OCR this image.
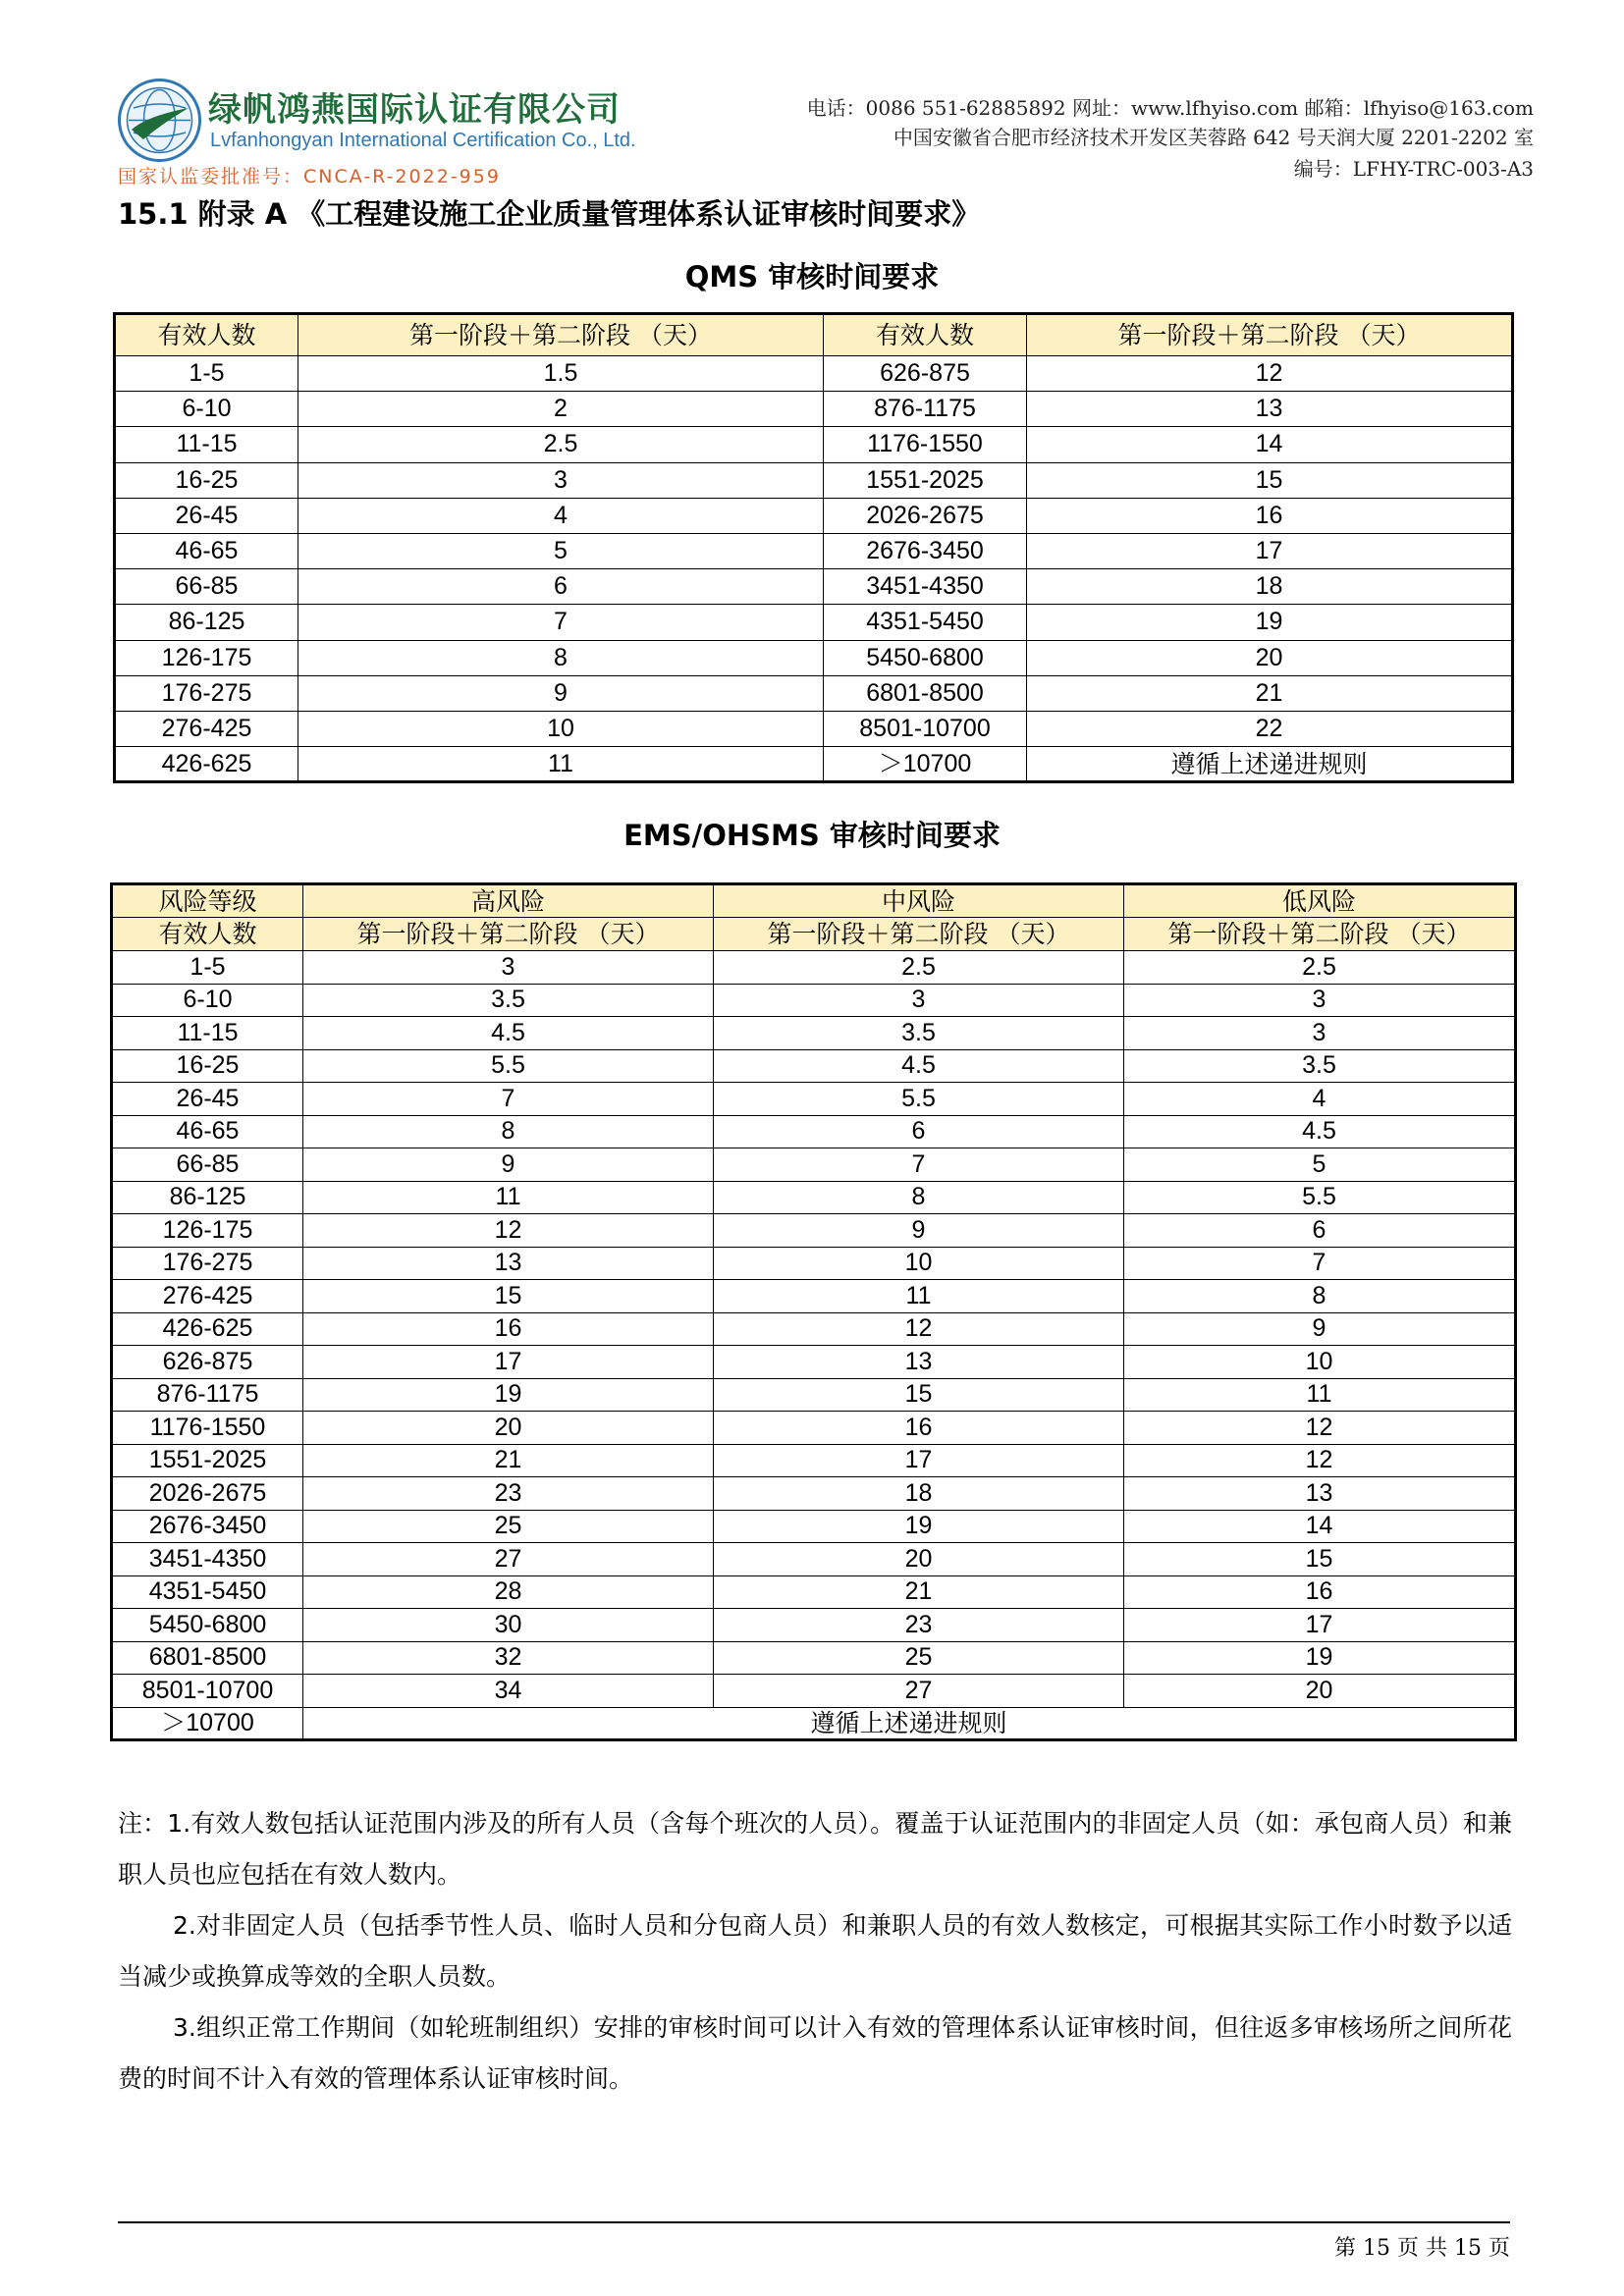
绿帆鸿燕国际认证有限公司
Lvfanhongyan International Certification Co., Ltd.
国家认监委批准号：CNCA-R-2022-959
电话：0086 551-62885892 网址：www.lfhyiso.com 邮箱：lfhyiso@163.com
中国安徽省合肥市经济技术开发区芙蓉路 642 号天润大厦 2201-2202 室
编号：LFHY-TRC-003-A3
15.1 附录 A 《工程建设施工企业质量管理体系认证审核时间要求》
QMS 审核时间要求
有效人数	第一阶段＋第二阶段 （天）	有效人数	第一阶段＋第二阶段 （天）
1-5	1.5	626-875	12
6-10	2	876-1175	13
11-15	2.5	1176-1550	14
16-25	3	1551-2025	15
26-45	4	2026-2675	16
46-65	5	2676-3450	17
66-85	6	3451-4350	18
86-125	7	4351-5450	19
126-175	8	5450-6800	20
176-275	9	6801-8500	21
276-425	10	8501-10700	22
426-625	11	＞10700	遵循上述递进规则
EMS/OHSMS 审核时间要求
风险等级	高风险	中风险	低风险
有效人数	第一阶段＋第二阶段 （天）	第一阶段＋第二阶段 （天）	第一阶段＋第二阶段 （天）
1-5	3	2.5	2.5
6-10	3.5	3	3
11-15	4.5	3.5	3
16-25	5.5	4.5	3.5
26-45	7	5.5	4
46-65	8	6	4.5
66-85	9	7	5
86-125	11	8	5.5
126-175	12	9	6
176-275	13	10	7
276-425	15	11	8
426-625	16	12	9
626-875	17	13	10
876-1175	19	15	11
1176-1550	20	16	12
1551-2025	21	17	12
2026-2675	23	18	13
2676-3450	25	19	14
3451-4350	27	20	15
4351-5450	28	21	16
5450-6800	30	23	17
6801-8500	32	25	19
8501-10700	34	27	20
＞10700	遵循上述递进规则		
注：1.有效人数包括认证范围内涉及的所有人员（含每个班次的人员）。覆盖于认证范围内的非固定人员（如：承包商人员）和兼职人员也应包括在有效人数内。
2.对非固定人员（包括季节性人员、临时人员和分包商人员）和兼职人员的有效人数核定，可根据其实际工作小时数予以适当减少或换算成等效的全职人员数。
3.组织正常工作期间（如轮班制组织）安排的审核时间可以计入有效的管理体系认证审核时间，但往返多审核场所之间所花费的时间不计入有效的管理体系认证审核时间。
第 15 页 共 15 页
